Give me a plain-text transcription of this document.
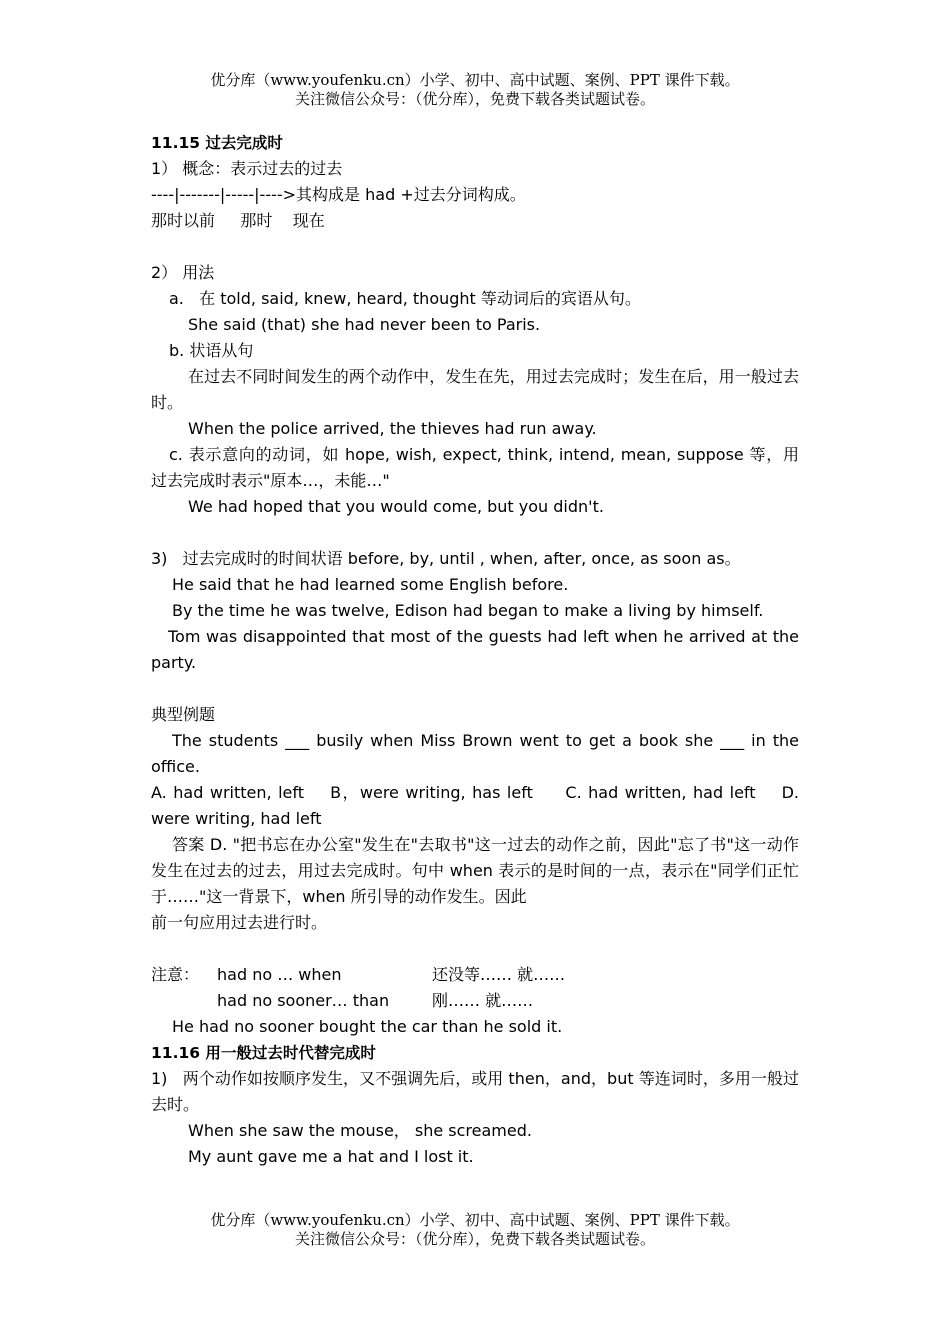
优分库（www.youfenku.cn）小学、初中、高中试题、案例、PPT 课件下载。
关注微信公众号：（优分库），免费下载各类试题试卷。
11.15 过去完成时
1） 概念：表示过去的过去
----|-------|-----|---->其构成是 had +过去分词构成。
那时以前     那时    现在
2） 用法
a.   在 told, said, knew, heard, thought 等动词后的宾语从句。
She said (that) she had never been to Paris.
b. 状语从句
在过去不同时间发生的两个动作中，发生在先，用过去完成时；发生在后，用一般过去时。
When the police arrived, the thieves had run away.
c. 表示意向的动词，如 hope, wish, expect, think, intend, mean, suppose 等，用过去完成时表示"原本…，未能…"
We had hoped that you would come, but you didn't.
3)   过去完成时的时间状语 before, by, until , when, after, once, as soon as。
He said that he had learned some English before.
By the time he was twelve, Edison had began to make a living by himself.
Tom was disappointed that most of the guests had left when he arrived at the party.
典型例题
The students ___ busily when Miss Brown went to get a book she ___ in the office.
A. had written, left    B，were writing, has left     C. had written, had left    D. were writing, had left
答案 D. "把书忘在办公室"发生在"去取书"这一过去的动作之前，因此"忘了书"这一动作发生在过去的过去，用过去完成时。句中 when 表示的是时间的一点，表示在"同学们正忙于……"这一背景下，when 所引导的动作发生。因此
前一句应用过去进行时。
注意：	had no … when	还没等…… 就……
had no sooner… than	刚…… 就……
He had no sooner bought the car than he sold it.
11.16 用一般过去时代替完成时
1)   两个动作如按顺序发生，又不强调先后，或用 then，and，but 等连词时，多用一般过去时。
When she saw the mouse， she screamed.
My aunt gave me a hat and I lost it.
优分库（www.youfenku.cn）小学、初中、高中试题、案例、PPT 课件下载。
关注微信公众号：（优分库），免费下载各类试题试卷。
